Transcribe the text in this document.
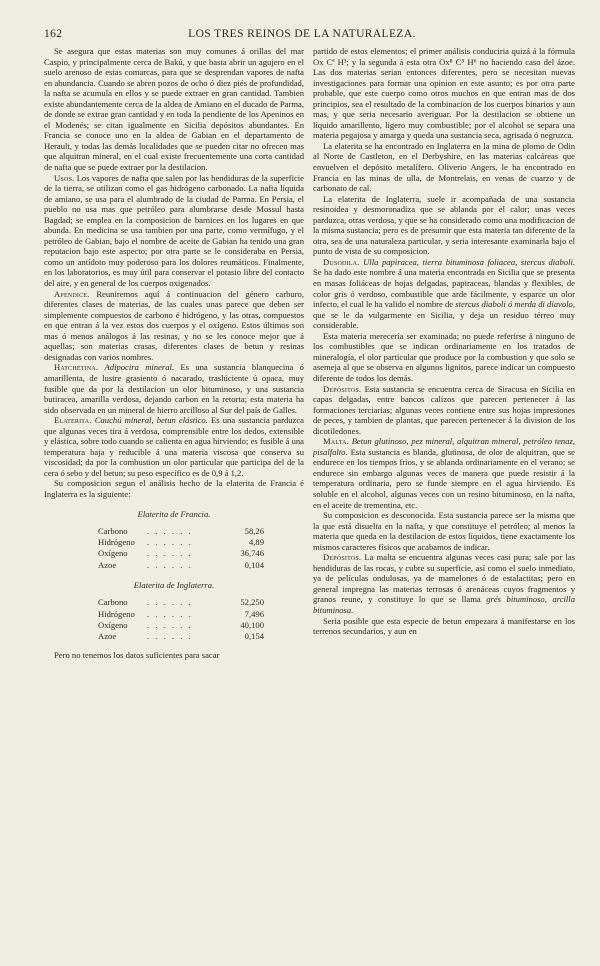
162	LOS TRES REINOS DE LA NATURALEZA.

Se asegura que estas materias son muy comunes á orillas del mar Caspio, y principalmente cerca de Bakú, y que basta abrir un agujero en el suelo arenoso de estas comarcas, para que se desprendan vapores de nafta en abundancia. Cuando se abren pozos de ocho ó diez piés de profundidad, la nafta se acumula en ellos y se puede extraer en gran cantidad. Tambien existe abundantemente cerca de la aldea de Amiano en el ducado de Parma, de donde se extrae gran cantidad y en toda la pendiente de los Apeninos en el Modenés; se citan igualmente en Sicilia depósitos abundantes. En Francia se conoce uno en la aldea de Gabian en el departamento de Herault, y todas las demás localidades que se pueden citar no ofrecen mas que alquitran mineral, en el cual existe frecuentemente una corta cantidad de nafta que se puede extraer por la destilacion.

Usos. Los vapores de nafta que salen por las hendiduras de la superficie de la tierra, se utilizan como el gas hidrógeno carbonado. La nafta líquida de amiano, se usa para el alumbrado de la ciudad de Parma. En Persia, el pueblo no usa mas que petróleo para alumbrarse desde Mossul hasta Bagdad; se emplea en la composicion de barnices en los lugares en que abunda. En medicina se usa tambien por una parte, como vermífugo, y el petróleo de Gabian, bajo el nombre de aceite de Gabian ha tenido una gran reputacion bajo este aspecto; por otra parte se le consideraba en Persia, como un antídoto muy poderoso para los dolores reumáticos. Finalmente, en los laboratorios, es muy útil para conservar el potasio libre del contacto del aire, y en general de los cuerpos oxigenados.

Apendice. Reuniremos aquí á continuacion del género carburo, diferentes clases de materias, de las cuales unas parece que deben ser simplemente compuestos de carbono é hidrógeno, y las otras, compuestos en que entran á la vez estos dos cuerpos y el oxígeno. Estos últimos son mas ó menos análogos á las resinas, y no se les conoce mejor que á aquellas; son materias crasas, diferentes clases de betun y resinas designadas con varios nombres.

Hatchetina. Adipocira mineral. Es una sustancia blanquecina ó amarillenta, de lustre grasiento ó nacarado, traslúciente ú opaca, muy fusible que da por la destilacion un olor bituminoso, y una sustancia butiracea, amarilla verdosa, dejando carbon en la retorta; esta materia ha sido observada en un mineral de hierro arcilloso al Sur del país de Galles.

Elaterita. Cauchú mineral, betun elástico. Es una sustancia parduzca que algunas veces tira á verdosa, comprensible entre los dedos, extensible y elástica, sobre todo cuando se calienta en agua hirviendo; es fusible á una temperatura baja y reducible á una materia viscosa que conserva su viscosidad; da por la combustion un olor particular que participa del de la cera ó sebo y del betun; su peso específico es de 0,9 á 1,2.

Su composicion segun el análisis hecho de la elaterita de Francia é Inglaterra es la siguiente:

Elaterita de Francia.
Carbono . . . . . .	58,26
Hidrógeno . . . . . .	4,89
Oxígeno . . . . . .	36,746
Azoe	. . . . . .	0,104
Elaterita de Inglaterra.
Carbono . . . . . .	52,250
Hidrógeno . . . . . .	7,496
Oxígeno . . . . . .	40,100
Azoe	. . . . . .	0,154

Pero no tenemos los datos suficientes para sacar

partido de estos elementos; el primer análisis conduciria quizá á la fórmula Ox Cª H³; y la segunda á esta otra Ox⁸ C⁵ H⁶ no haciendo caso del ázoe. Las dos materias serian entonces diferentes, pero se necesitan nuevas investigaciones para formar una opinion en este asunto; es por otra parte probable, que este cuerpo como otros muchos en que entran mas de dos principios, sea el resultado de la combinacion de los cuerpos binarios y aun mas, y que seria necesario averiguar. Por la destilacion se obtiene un líquido amarillento, ligero muy combustible; por el alcohol se separa una materia pegajosa y amarga y queda una sustancia seca, agrisada ó negruzca.

La elaterita se ha encontrado en Inglaterra en la mina de plomo de Odin al Norte de Castleton, en el Derbyshire, en las materias calcáreas que envuelven el depósito metalífero. Oliverio Angers, le ha encontrado en Francia en las minas de ulla, de Montrelais, en venas de cuarzo y de carbonato de cal.

La elaterita de Inglaterra, suele ir acompañada de una sustancia resinoidea y desmoronadiza que se ablanda por el calor; unas veces parduzca, otras verdosa, y que se ha considerado como una modificacion de la misma sustancia; pero es de presumir que esta materia tan diferente de la otra, sea de una naturaleza particular, y seria interesante examinarla bajo el punto de vista de su composicion.

Dusodila. Ulla papiracea, tierra bituminosa foliacea, stercus diaboli. Se ha dado este nombre á una materia encontrada en Sicilia que se presenta en masas foliáceas de hojas delgadas, papiraceas, blandas y flexibles, de color gris ó verdoso, combustible que arde fácilmente, y esparce un olor infecto, el cual le ha valido el nombre de stercus diaboli ó merda di diavolo, que se le da vulgarmente en Sicilia, y deja un residuo térreo muy considerable.

Esta materia merecería ser examinada; no puede referirse á ninguno de los combustibles que se indican ordinariamente en los tratados de mineralogía, el olor particular que produce por la combustion y que solo se asemeja al que se observa en algunos lignitos, parece indicar un compuesto diferente de todos los demás.

Depósitos. Esta sustancia se encuentra cerca de Siracusa en Sicilia en capas delgadas, entre bancos calizos que parecen pertenecer á las formaciones terciarias; algunas veces contiene entre sus hojas impresiones de peces, y tambien de plantas, que parecen pertenecer á la division de los dicotiledones.

Malta. Betun glutinoso, pez mineral, alquitran mineral, petróleo tenaz, pisalfalto. Esta sustancia es blanda, glutinosa, de olor de alquitran, que se endurece en los tiempos frios, y se ablanda ordinariamente en el verano; se endurece sin embargo algunas veces de manera que puede resistir á la temperatura ordinaria, pero se funde siempre en el agua hirviendo. Es soluble en el alcohol, algunas veces con un resino bituminoso, en la nafta, en el aceite de trementina, etc.

Su composicion es desconocida. Esta sustancia parece ser la misma que la que está disuelta en la nafta, y que constituye el petróleo; al menos la materia que queda en la destilacion de estos líquidos, tiene exactamente los mismos caracteres físicos que acabamos de indicar.

Depósitos. La malta se encuentra algunas veces casi pura; sale por las hendiduras de las rocas, y cubre su superficie, así como el suelo inmediato, ya de películas ondulosas, ya de mamelones ó de estalactitas; pero en general impregna las materias terrosas ó arenáceas cuyos fragmentos y granos reune, y constituye lo que se llama grés bituminoso, arcilla bituminosa.

Seria posible que esta especie de betun empezara á manifestarse en los terrenos secundarios, y aun en
